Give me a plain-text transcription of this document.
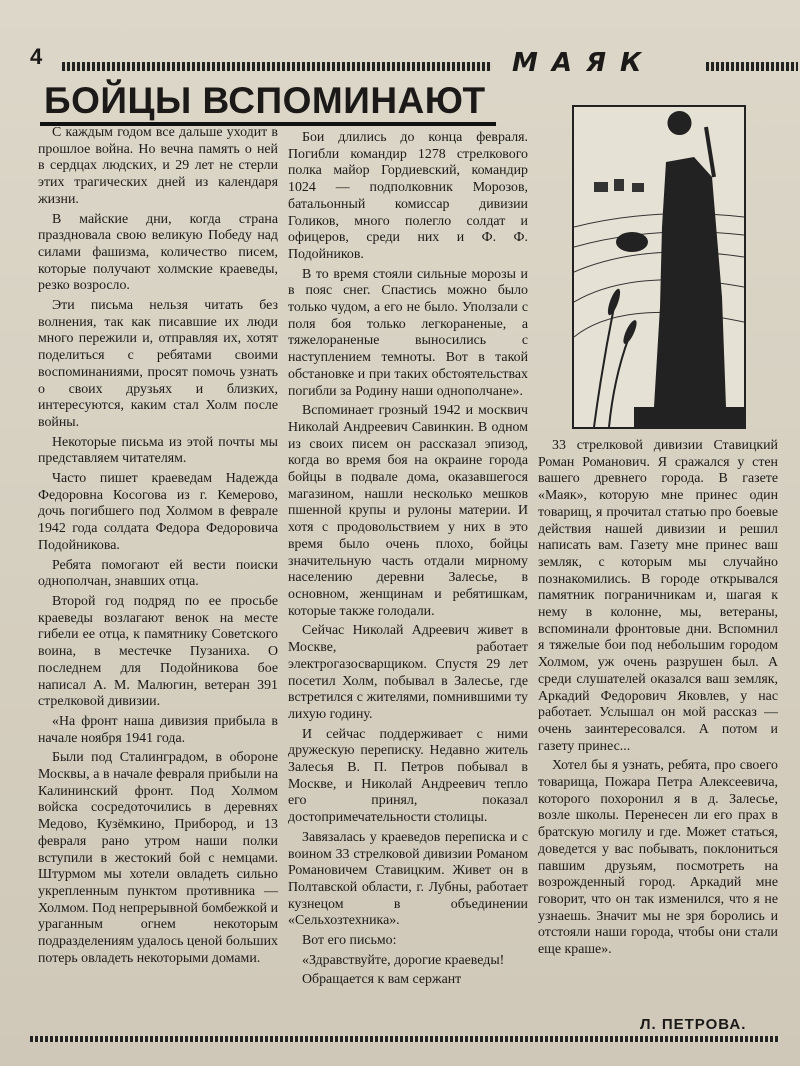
4	МАЯК
БОЙЦЫ ВСПОМИНАЮТ

С каждым годом все дальше уходит в прошлое война. Но вечна память о ней в сердцах людских, и 29 лет не стерли этих трагических дней из календаря жизни.

В майские дни, когда страна праздновала свою великую Победу над силами фашизма, количество писем, которые получают холмские краеведы, резко возросло.

Эти письма нельзя читать без волнения, так как писавшие их люди много пережили и, отправляя их, хотят поделиться с ребятами своими воспоминаниями, просят помочь узнать о своих друзьях и близких, интересуются, каким стал Холм после войны.

Некоторые письма из этой почты мы представляем читателям.

Часто пишет краеведам Надежда Федоровна Косогова из г. Кемерово, дочь погибшего под Холмом в феврале 1942 года солдата Федора Федоровича Подойникова.

Ребята помогают ей вести поиски однополчан, знавших отца.

Второй год подряд по ее просьбе краеведы возлагают венок на месте гибели ее отца, к памятнику Советского воина, в местечке Пузаниха. О последнем для Подойникова бое написал А. М. Малюгин, ветеран 391 стрелковой дивизии.

«На фронт наша дивизия прибыла в начале ноября 1941 года.

Были под Сталинградом, в обороне Москвы, а в начале февраля прибыли на Калининский фронт. Под Холмом войска сосредоточились в деревнях Медово, Кузёмкино, Прибород, и 13 февраля рано утром наши полки вступили в жестокий бой с немцами. Штурмом мы хотели овладеть сильно укрепленным пунктом противника — Холмом. Под непрерывной бомбежкой и ураганным огнем некоторым подразделениям удалось ценой больших потерь овладеть некоторыми домами.

Бои длились до конца февраля. Погибли командир 1278 стрелкового полка майор Гордиевский, командир 1024 — подполковник Морозов, батальонный комиссар дивизии Голиков, много полегло солдат и офицеров, среди них и Ф. Ф. Подойников.

В то время стояли сильные морозы и в пояс снег. Спастись можно было только чудом, а его не было. Уползали с поля боя только легкораненые, а тяжелораненые выносились с наступлением темноты. Вот в такой обстановке и при таких обстоятельствах погибли за Родину наши однополчане».

Вспоминает грозный 1942 и москвич Николай Андреевич Савинкин. В одном из своих писем он рассказал эпизод, когда во время боя на окраине города бойцы в подвале дома, оказавшегося магазином, нашли несколько мешков пшенной крупы и рулоны материи. И хотя с продовольствием у них в это время было очень плохо, бойцы значительную часть отдали мирному населению деревни Залесье, в основном, женщинам и ребятишкам, которые также голодали.

Сейчас Николай Адреевич живет в Москве, работает электрогазосварщиком. Спустя 29 лет посетил Холм, побывал в Залесье, где встретился с жителями, помнившими ту лихую годину.

И сейчас поддерживает с ними дружескую переписку. Недавно житель Залесья В. П. Петров побывал в Москве, и Николай Андреевич тепло его принял, показал достопримечательности столицы.

Завязалась у краеведов переписка и с воином 33 стрелковой дивизии Романом Романовичем Ставицким. Живет он в Полтавской области, г. Лубны, работает кузнецом в объединении «Сельхозтехника».

Вот его письмо:

«Здравствуйте, дорогие краеведы!

Обращается к вам сержант

33 стрелковой дивизии Ставицкий Роман Романович. Я сражался у стен вашего древнего города. В газете «Маяк», которую мне принес один товарищ, я прочитал статью про боевые действия нашей дивизии и решил написать вам. Газету мне принес ваш земляк, с которым мы случайно познакомились. В городе открывался памятник пограничникам и, шагая к нему в колонне, мы, ветераны, вспоминали фронтовые дни. Вспомнил я тяжелые бои под небольшим городом Холмом, уж очень разрушен был. А среди слушателей оказался ваш земляк, Аркадий Федорович Яковлев, у нас работает. Услышал он мой рассказ — очень заинтересовался. А потом и газету принес...

Хотел бы я узнать, ребята, про своего товарища, Пожара Петра Алексеевича, которого похоронил я в д. Залесье, возле школы. Перенесен ли его прах в братскую могилу и где. Может статься, доведется у вас побывать, поклониться павшим друзьям, посмотреть на возрожденный город. Аркадий мне говорит, что он так изменился, что я не узнаешь. Значит мы не зря боролись и отстояли наши города, чтобы они стали еще краше».

Л. ПЕТРОВА.
